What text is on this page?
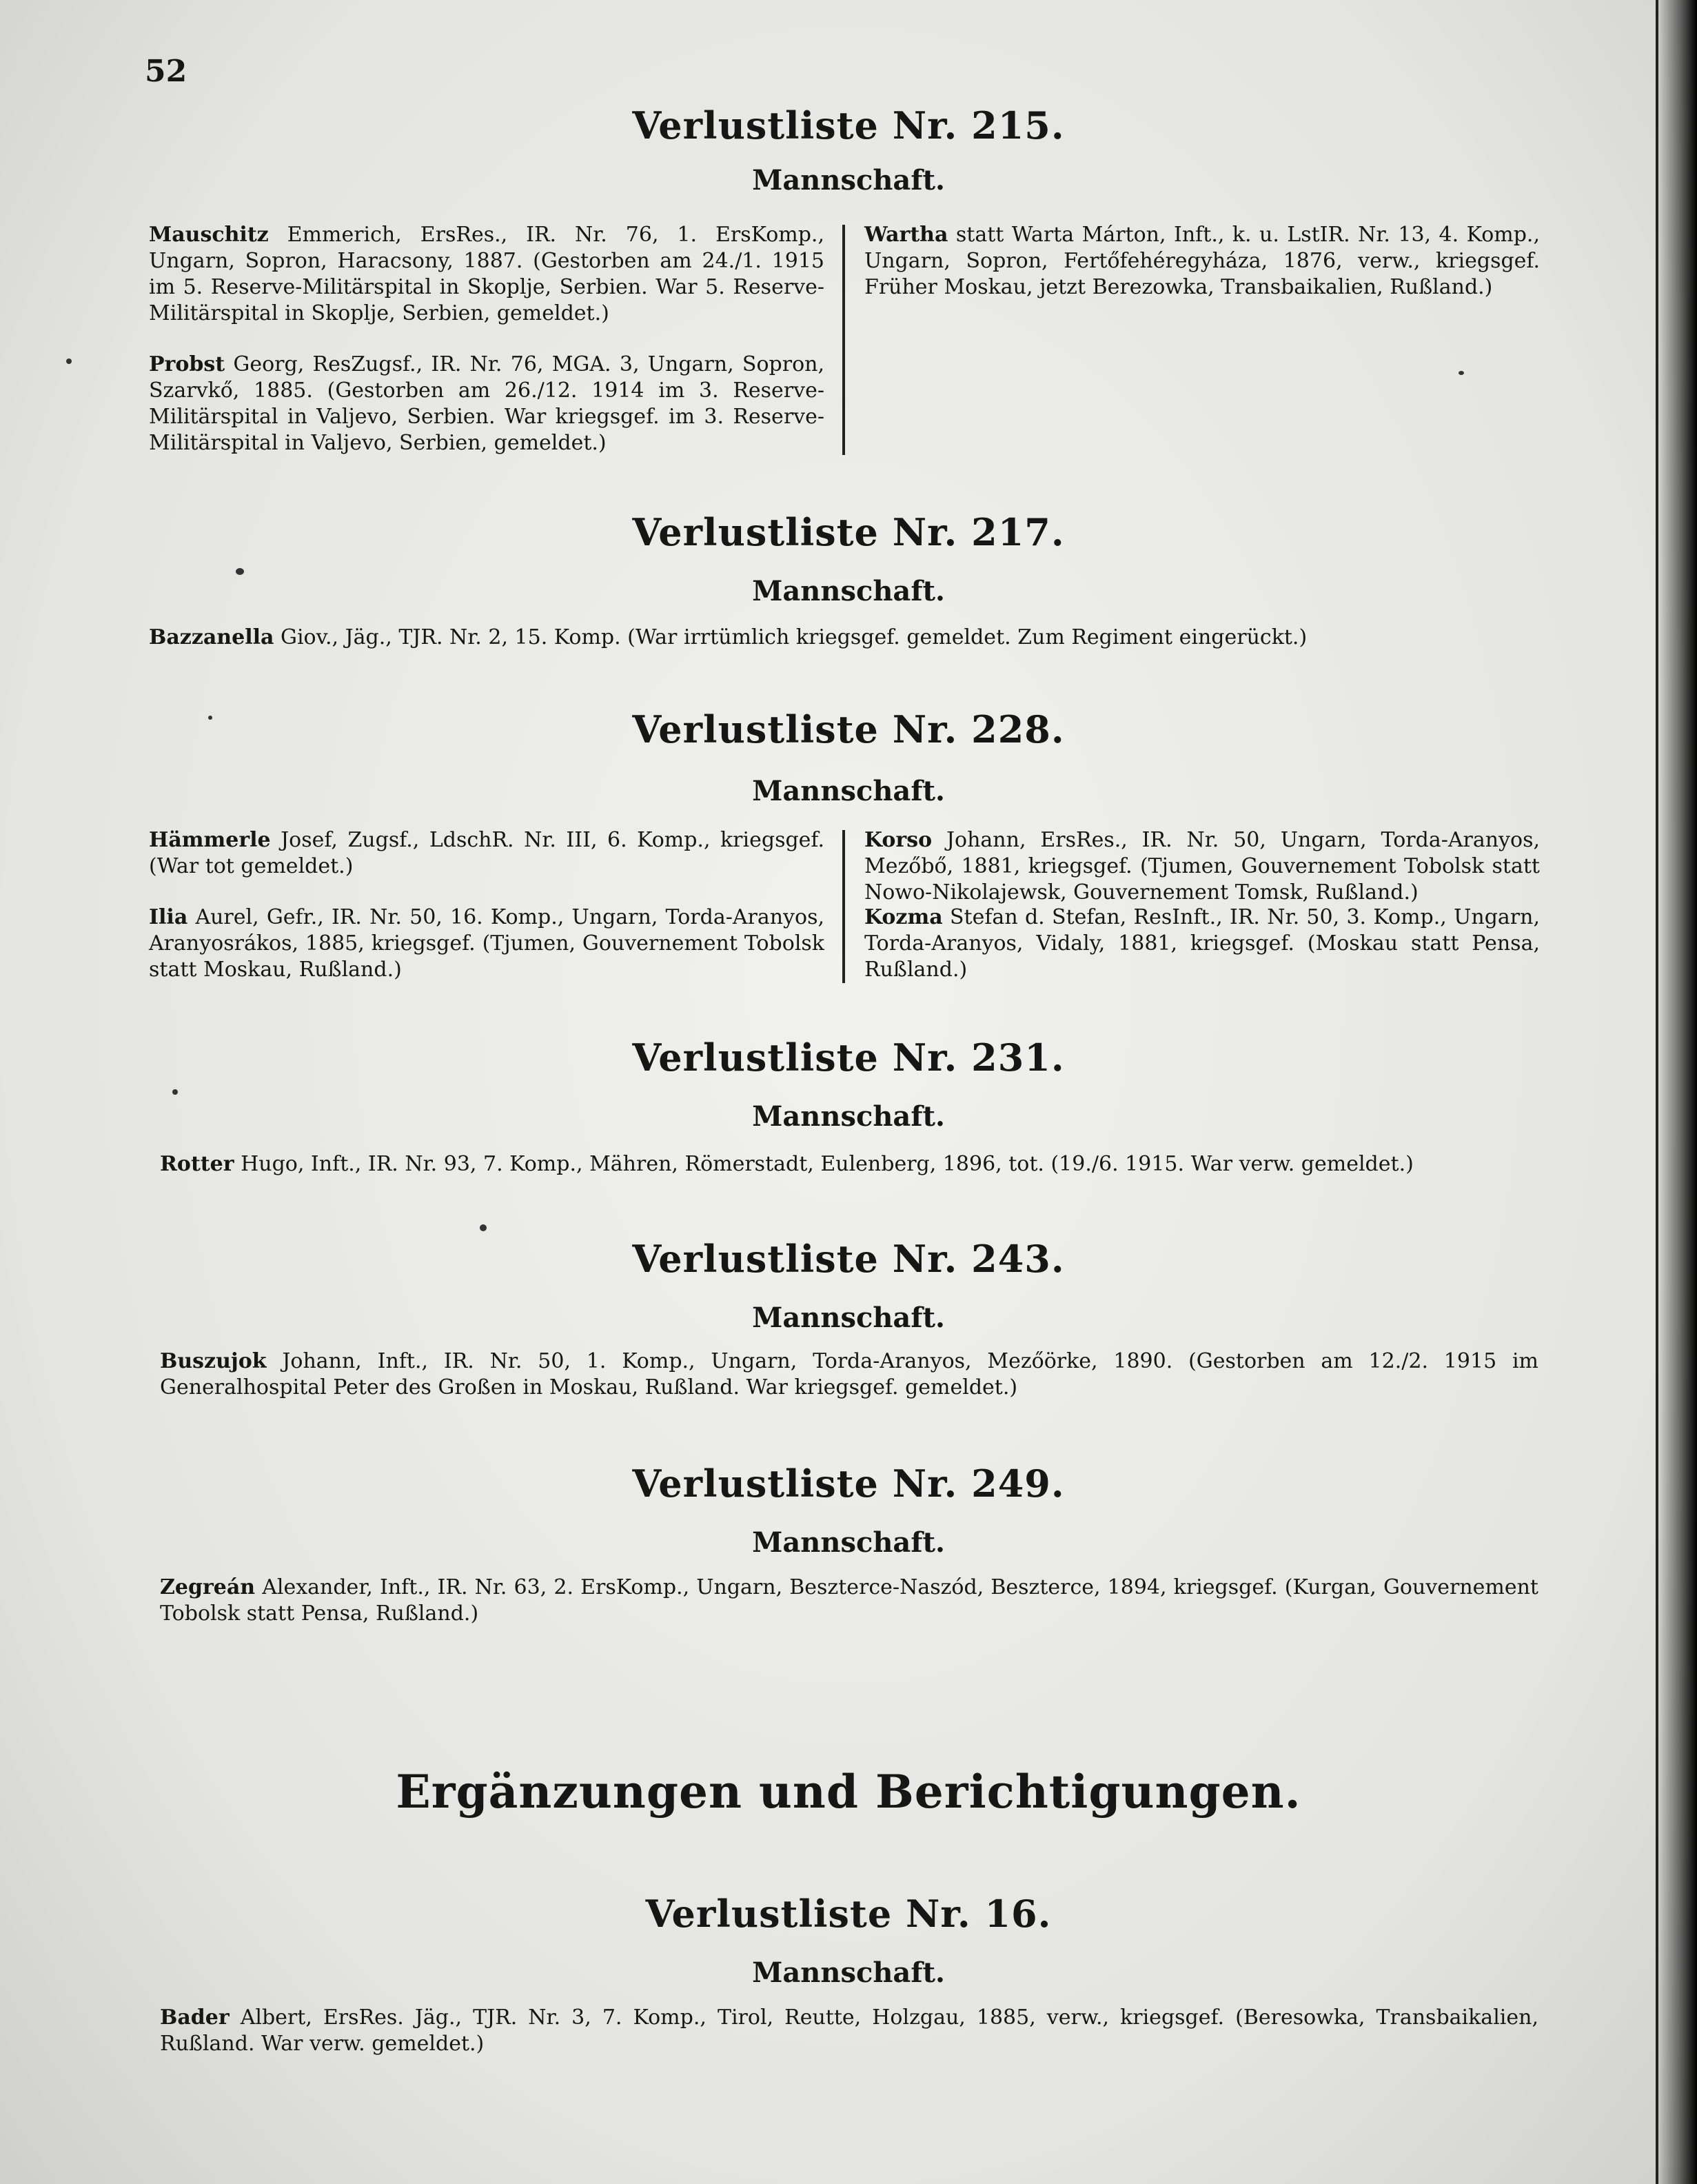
52
Verlustliste Nr. 215.
Mannschaft.
Mauschitz Emmerich, ErsRes., IR. Nr. 76, 1. ErsKomp., Ungarn, Sopron, Haracsony, 1887. (Gestorben am 24./1. 1915 im 5. Reserve-Militärspital in Skoplje, Serbien. War 5. Reserve-Militärspital in Skoplje, Serbien, gemeldet.)
Probst Georg, ResZugsf., IR. Nr. 76, MGA. 3, Ungarn, Sopron, Szarvkő, 1885. (Gestorben am 26./12. 1914 im 3. Reserve-Militärspital in Valjevo, Serbien. War kriegsgef. im 3. Reserve-Militärspital in Valjevo, Serbien, gemeldet.)
Wartha statt Warta Márton, Inft., k. u. LstIR. Nr. 13, 4. Komp., Ungarn, Sopron, Fertőfehéregyháza, 1876, verw., kriegsgef. Früher Moskau, jetzt Berezowka, Transbaikalien, Rußland.)
Verlustliste Nr. 217.
Mannschaft.
Bazzanella Giov., Jäg., TJR. Nr. 2, 15. Komp. (War irrtümlich kriegsgef. gemeldet. Zum Regiment eingerückt.)
Verlustliste Nr. 228.
Mannschaft.
Hämmerle Josef, Zugsf., LdschR. Nr. III, 6. Komp., kriegsgef. (War tot gemeldet.)
Ilia Aurel, Gefr., IR. Nr. 50, 16. Komp., Ungarn, Torda-Aranyos, Aranyosrákos, 1885, kriegsgef. (Tjumen, Gouvernement Tobolsk statt Moskau, Rußland.)
Korso Johann, ErsRes., IR. Nr. 50, Ungarn, Torda-Aranyos, Mezőbő, 1881, kriegsgef. (Tjumen, Gouvernement Tobolsk statt Nowo-Nikolajewsk, Gouvernement Tomsk, Rußland.)
Kozma Stefan d. Stefan, ResInft., IR. Nr. 50, 3. Komp., Ungarn, Torda-Aranyos, Vidaly, 1881, kriegsgef. (Moskau statt Pensa, Rußland.)
Verlustliste Nr. 231.
Mannschaft.
Rotter Hugo, Inft., IR. Nr. 93, 7. Komp., Mähren, Römerstadt, Eulenberg, 1896, tot. (19./6. 1915. War verw. gemeldet.)
Verlustliste Nr. 243.
Mannschaft.
Buszujok Johann, Inft., IR. Nr. 50, 1. Komp., Ungarn, Torda-Aranyos, Mezőörke, 1890. (Gestorben am 12./2. 1915 im Generalhospital Peter des Großen in Moskau, Rußland. War kriegsgef. gemeldet.)
Verlustliste Nr. 249.
Mannschaft.
Zegreán Alexander, Inft., IR. Nr. 63, 2. ErsKomp., Ungarn, Beszterce-Naszód, Beszterce, 1894, kriegsgef. (Kurgan, Gouvernement Tobolsk statt Pensa, Rußland.)
Ergänzungen und Berichtigungen.
Verlustliste Nr. 16.
Mannschaft.
Bader Albert, ErsRes. Jäg., TJR. Nr. 3, 7. Komp., Tirol, Reutte, Holzgau, 1885, verw., kriegsgef. (Beresowka, Transbaikalien, Rußland. War verw. gemeldet.)
